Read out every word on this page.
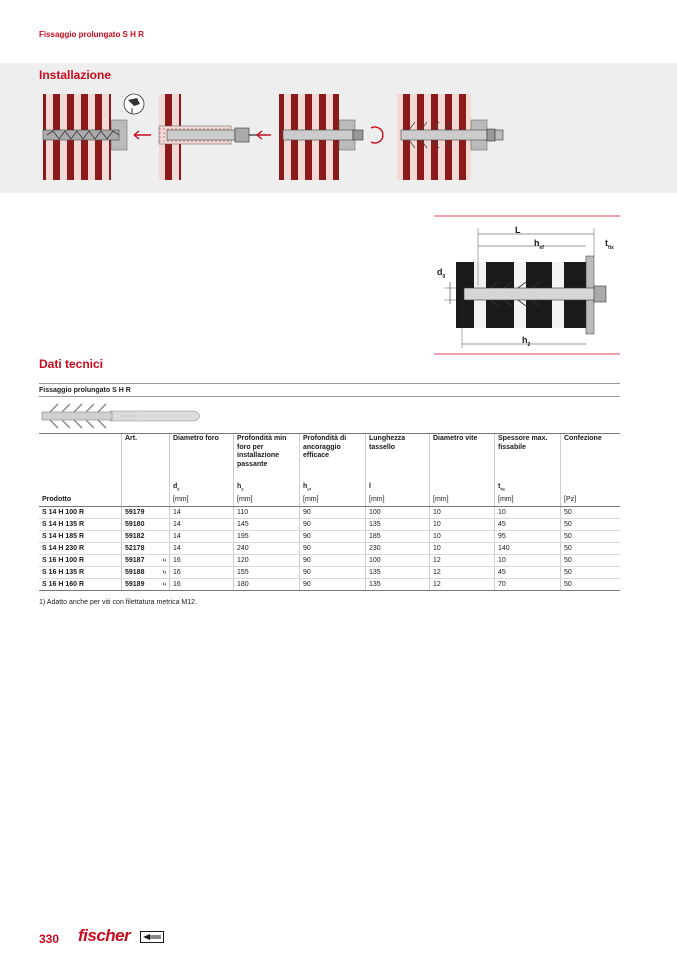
Fissaggio prolungato S H R
Installazione
L
$h_{ef}$	$t_{fix}$
$d_0$
$h_2$
Dati tecnici
Fissaggio prolungato S H R
	Art.	Diametro foro	Profondità min foro per installazione passante	Profondità di ancoraggio efficace	Lunghezza tassello	Diametro vite	Spessore max. fissabile	Confezione
		$d_0$	$h_2$	$h_{ef}$	l		$t_{fix}$	
Prodotto		[mm]	[mm]	[mm]	[mm]	[mm]	[mm]	[Pz]
S 14 H 100 R	59179	14	110	90	100	10	10	50
S 14 H 135 R	59180	14	145	90	135	10	45	50
S 14 H 185 R	59182	14	195	90	185	10	95	50
S 14 H 230 R	52178	14	240	90	230	10	140	50
S 16 H 100 R	59187 1)	16	120	90	100	12	10	50
S 16 H 135 R	59188 1)	16	155	90	135	12	45	50
S 16 H 160 R	59189 1)	16	180	90	135	12	70	50
1) Adatto anche per viti con filettatura metrica M12.
330 fischer
